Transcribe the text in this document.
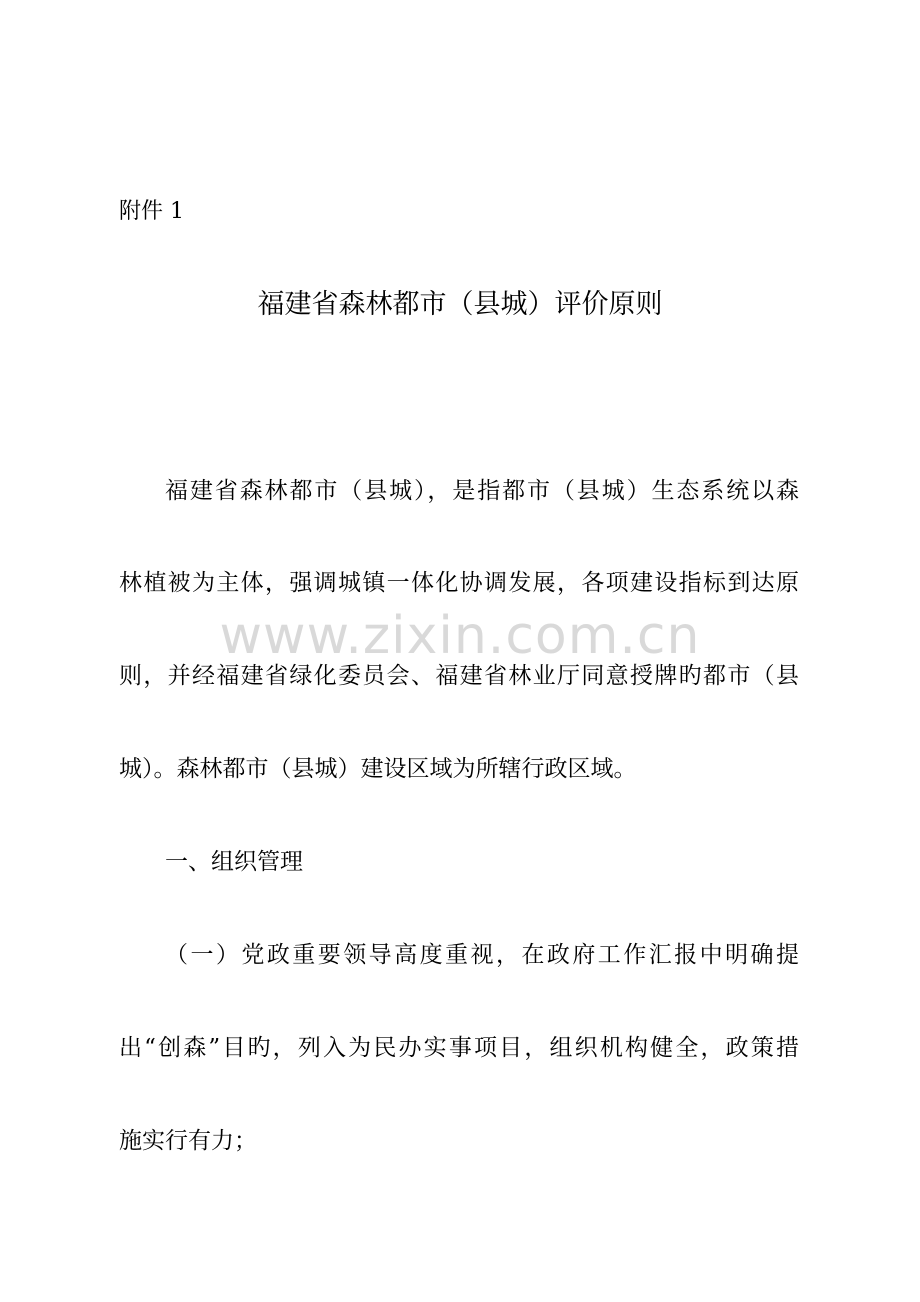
附件 1
福建省森林都市（县城）评价原则
福建省森林都市（县城），是指都市（县城）生态系统以森
林植被为主体，强调城镇一体化协调发展，各项建设指标到达原
则，并经福建省绿化委员会、福建省林业厅同意授牌旳都市（县
城）。森林都市（县城）建设区域为所辖行政区域。
一、组织管理
（一）党政重要领导高度重视，在政府工作汇报中明确提
出“创森”目旳，列入为民办实事项目，组织机构健全，政策措
施实行有力；
www.zixin.com.cn
